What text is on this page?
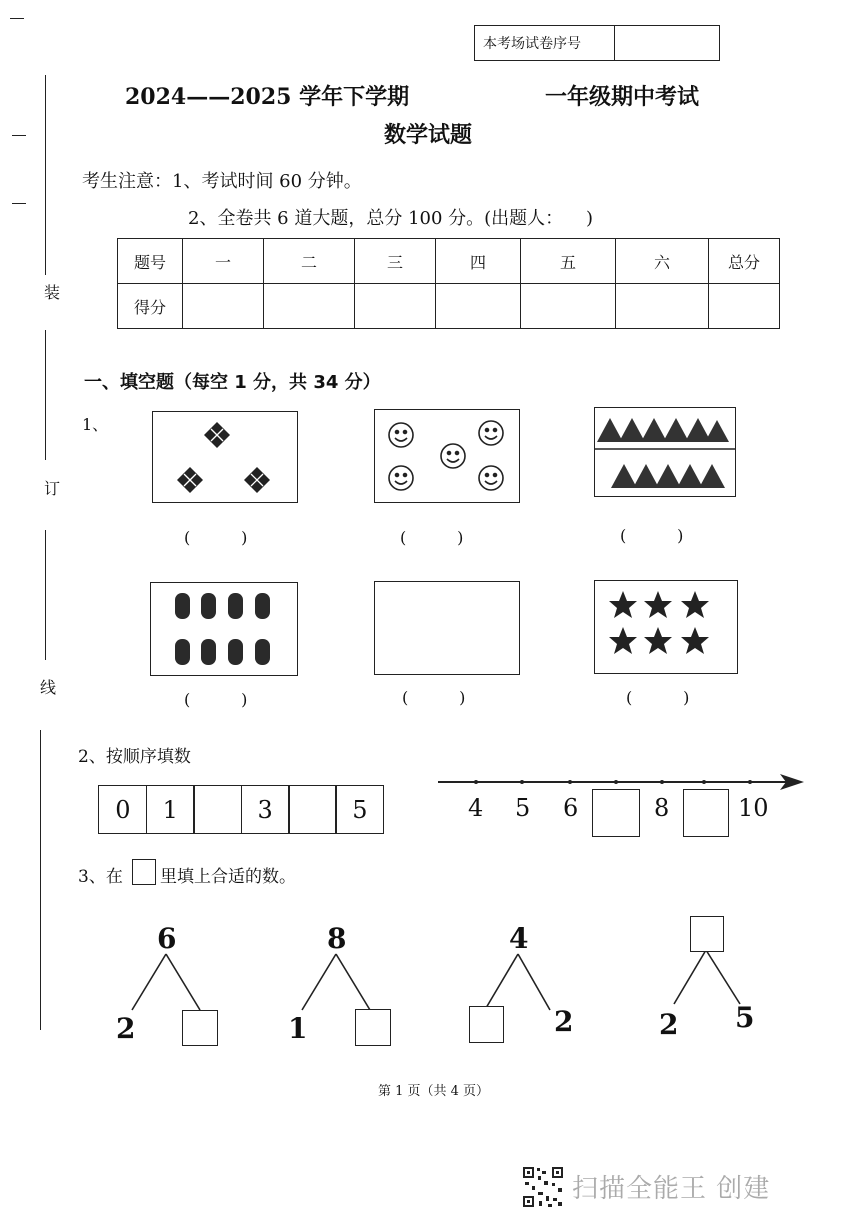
装
订
线
本考场试卷序号
2024——2025 学年下学期	一年级期中考试
数学试题
考生注意：1、考试时间 60 分钟。
2、全卷共 6 道大题，总分 100 分。(出题人：    )
题号	一	二	三	四	五	六	总分
得分							
一、填空题（每空 1 分，共 34 分）
1、
(          )	(          )	(          )
(          )	(          )	(          )
2、按顺序填数
0	1	3	5	4 5 6	8	10
3、在 里填上合适的数。
6
2
8
1
4
2	2 5
第 1 页（共 4 页）
扫描全能王 创建
